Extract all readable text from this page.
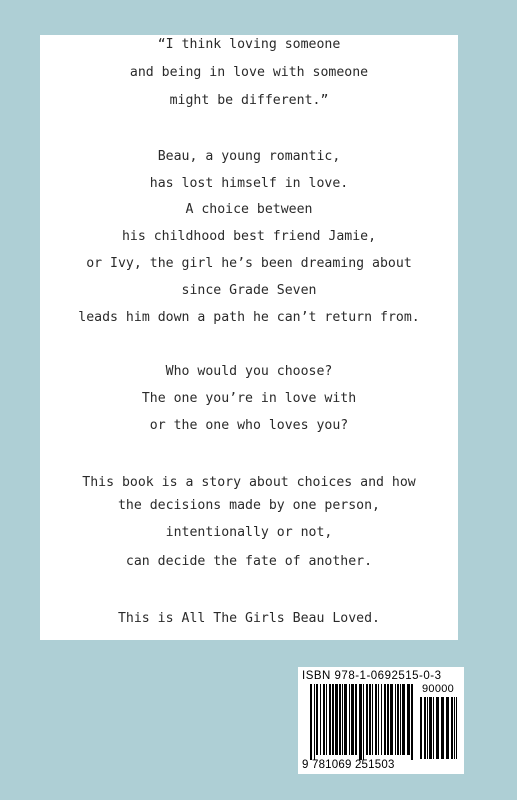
“I think loving someone
and being in love with someone
might be different.”
Beau, a young romantic,
has lost himself in love.
A choice between
his childhood best friend Jamie,
or Ivy, the girl he’s been dreaming about
since Grade Seven
leads him down a path he can’t return from.
Who would you choose?
The one you’re in love with
or the one who loves you?
This book is a story about choices and how
the decisions made by one person,
intentionally or not,
can decide the fate of another.
This is All The Girls Beau Loved.
ISBN 978-1-0692515-0-3
90000
9 781069 251503
